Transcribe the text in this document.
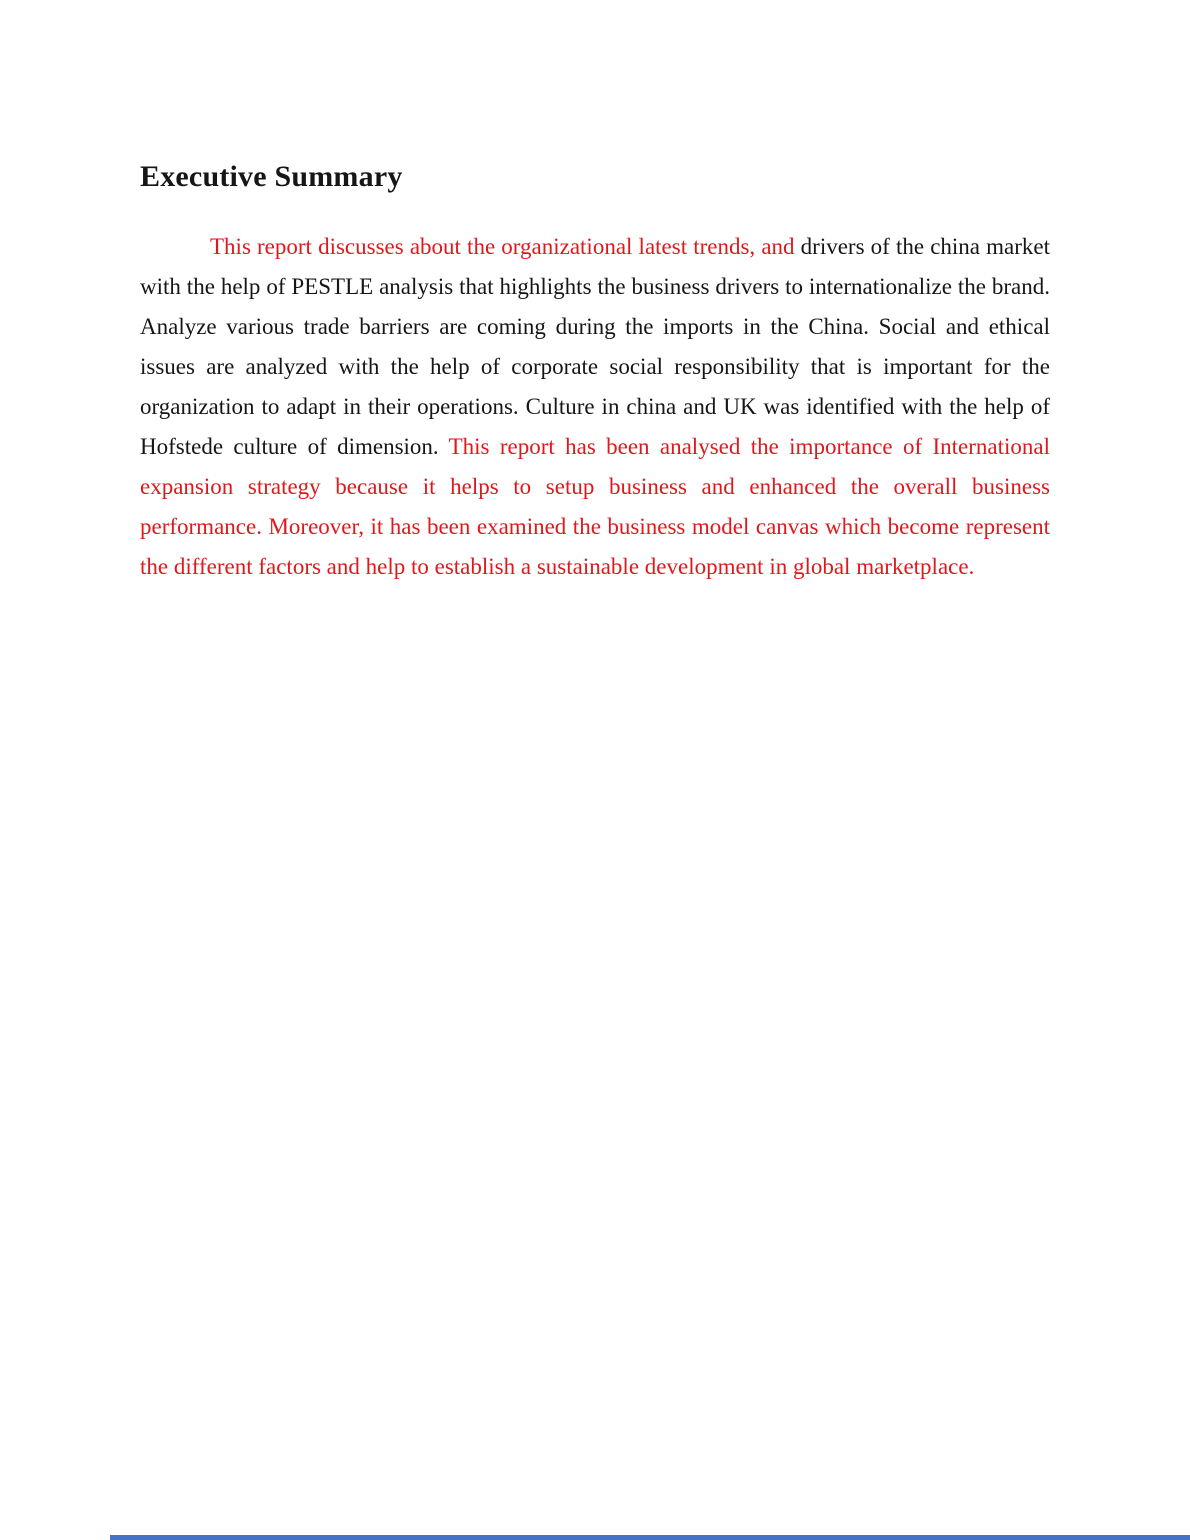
Executive Summary

This report discusses about the organizational latest trends, and drivers of the china market with the help of PESTLE analysis that highlights the business drivers to internationalize the brand. Analyze various trade barriers are coming during the imports in the China. Social and ethical issues are analyzed with the help of corporate social responsibility that is important for the organization to adapt in their operations. Culture in china and UK was identified with the help of Hofstede culture of dimension. This report has been analysed the importance of International expansion strategy because it helps to setup business and enhanced the overall business performance. Moreover, it has been examined the business model canvas which become represent the different factors and help to establish a sustainable development in global marketplace.
